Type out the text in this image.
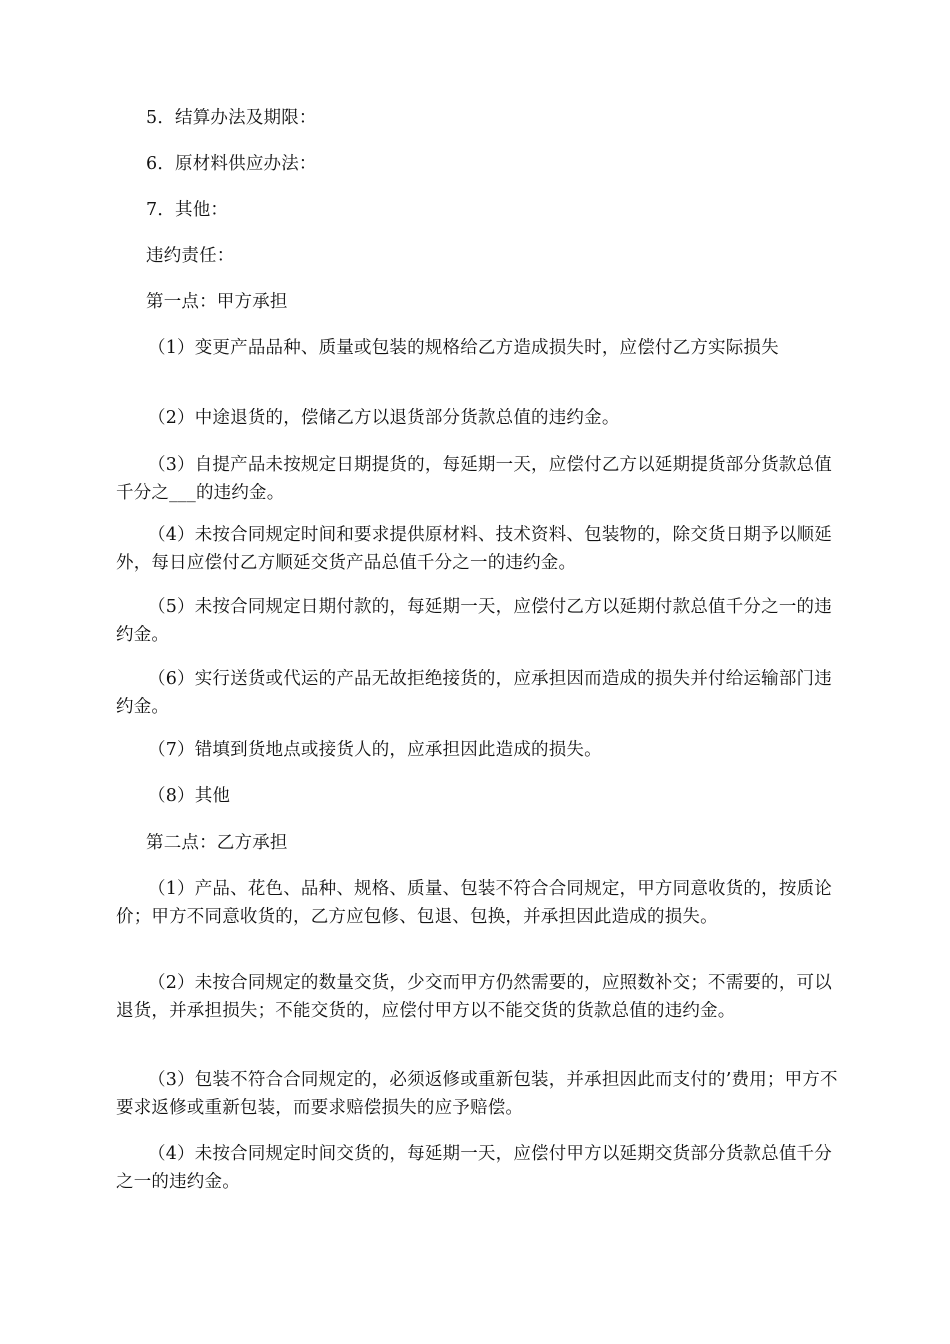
5．结算办法及期限：

6．原材料供应办法：

7．其他：

违约责任：

第一点：甲方承担

（1）变更产品品种、质量或包装的规格给乙方造成损失时，应偿付乙方实际损失

（2）中途退货的，偿储乙方以退货部分货款总值的违约金。

（3）自提产品未按规定日期提货的，每延期一天，应偿付乙方以延期提货部分货款总值千分之___的违约金。

（4）未按合同规定时间和要求提供原材料、技术资料、包装物的，除交货日期予以顺延外，每日应偿付乙方顺延交货产品总值千分之一的违约金。

（5）未按合同规定日期付款的，每延期一天，应偿付乙方以延期付款总值千分之一的违约金。

（6）实行送货或代运的产品无故拒绝接货的，应承担因而造成的损失并付给运输部门违约金。

（7）错填到货地点或接货人的，应承担因此造成的损失。

（8）其他

第二点：乙方承担

（1）产品、花色、品种、规格、质量、包装不符合合同规定，甲方同意收货的，按质论价；甲方不同意收货的，乙方应包修、包退、包换，并承担因此造成的损失。

（2）未按合同规定的数量交货，少交而甲方仍然需要的，应照数补交；不需要的，可以退货，并承担损失；不能交货的，应偿付甲方以不能交货的货款总值的违约金。

（3）包装不符合合同规定的，必须返修或重新包装，并承担因此而支付的’费用；甲方不要求返修或重新包装，而要求赔偿损失的应予赔偿。

（4）未按合同规定时间交货的，每延期一天，应偿付甲方以延期交货部分货款总值千分之一的违约金。
